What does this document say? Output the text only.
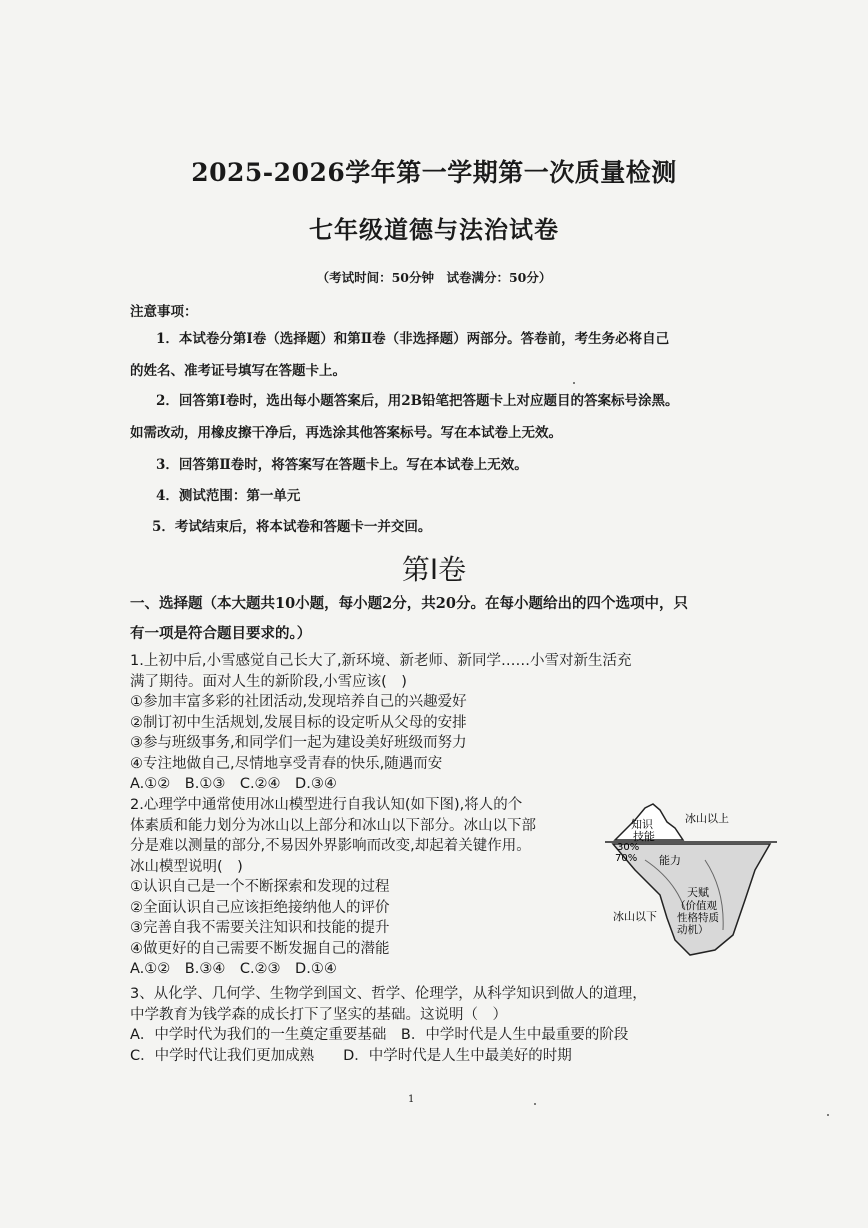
2025-2026学年第一学期第一次质量检测
七年级道德与法治试卷
（考试时间：50分钟　试卷满分：50分）
注意事项：
1．本试卷分第Ⅰ卷（选择题）和第Ⅱ卷（非选择题）两部分。答卷前，考生务必将自己
的姓名、准考证号填写在答题卡上。
2．回答第Ⅰ卷时，选出每小题答案后，用2B铅笔把答题卡上对应题目的答案标号涂黑。
如需改动，用橡皮擦干净后，再选涂其他答案标号。写在本试卷上无效。
3．回答第Ⅱ卷时，将答案写在答题卡上。写在本试卷上无效。
4．测试范围：第一单元
5．考试结束后，将本试卷和答题卡一并交回。
第Ⅰ卷
一、选择题（本大题共10小题，每小题2分，共20分。在每小题给出的四个选项中，只
有一项是符合题目要求的。）
1.上初中后,小雪感觉自己长大了,新环境、新老师、新同学……小雪对新生活充
满了期待。面对人生的新阶段,小雪应该(　)
①参加丰富多彩的社团活动,发现培养自己的兴趣爱好
②制订初中生活规划,发展目标的设定听从父母的安排
③参与班级事务,和同学们一起为建设美好班级而努力
④专注地做自己,尽情地享受青春的快乐,随遇而安
A.①②　B.①③　C.②④　D.③④
2.心理学中通常使用冰山模型进行自我认知(如下图),将人的个
体素质和能力划分为冰山以上部分和冰山以下部分。冰山以下部
分是难以测量的部分,不易因外界影响而改变,却起着关键作用。
冰山模型说明(　)
①认识自己是一个不断探索和发现的过程
②全面认识自己应该拒绝接纳他人的评价
③完善自我不需要关注知识和技能的提升
④做更好的自己需要不断发掘自己的潜能
A.①②　B.③④　C.②③　D.①④
3、从化学、几何学、生物学到国文、哲学、伦理学，从科学知识到做人的道理，
中学教育为钱学森的成长打下了坚实的基础。这说明（　）
A．中学时代为我们的一生奠定重要基础　B．中学时代是人生中最重要的阶段
C．中学时代让我们更加成熟　　D．中学时代是人生中最美好的时期
冰山以上
知识
技能
30%
70% 能力
天赋
（价值观
性格特质
动机）
冰山以下
1
